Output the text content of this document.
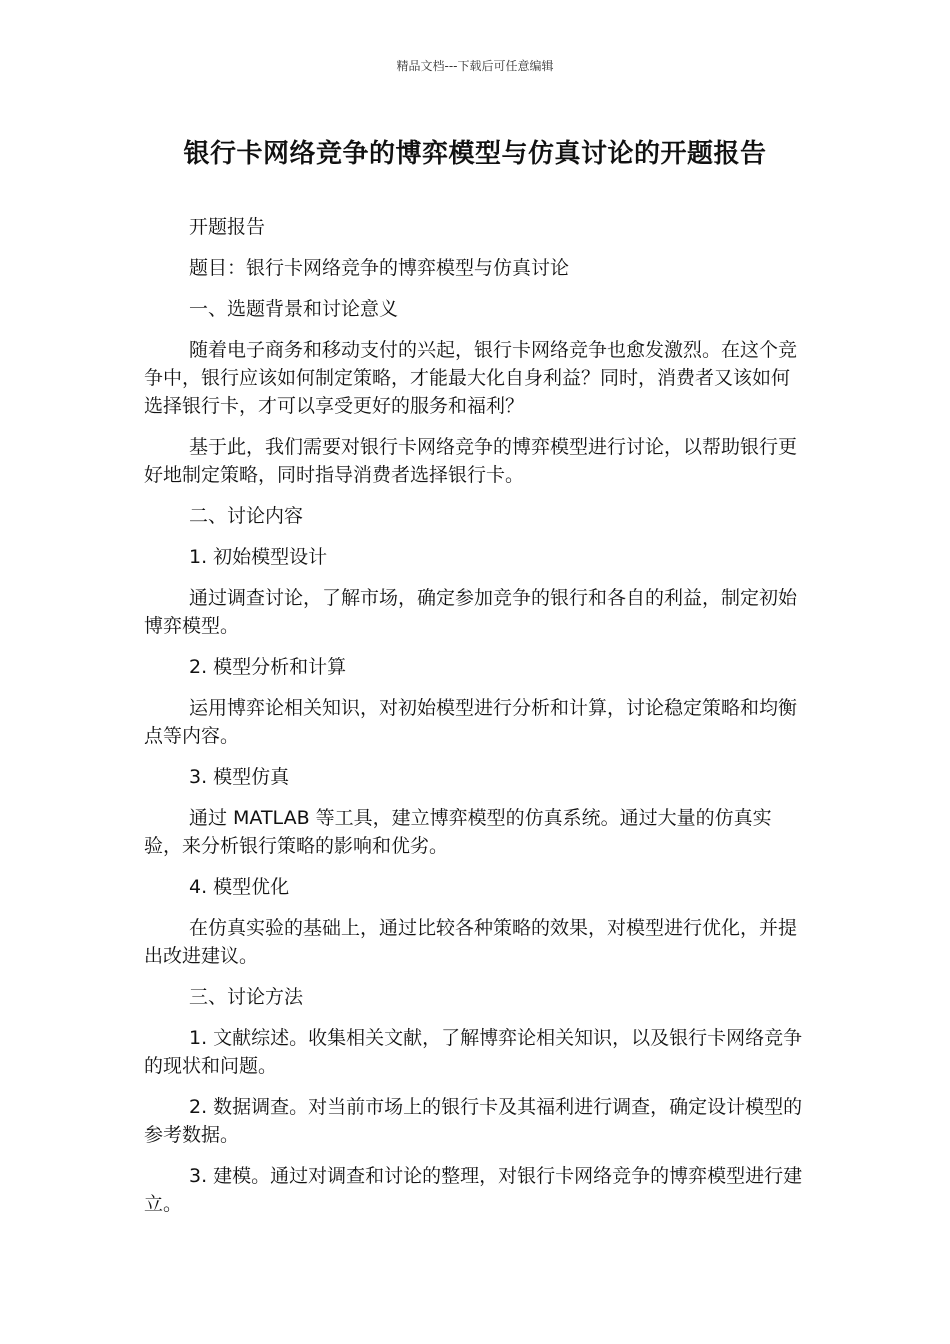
精品文档---下载后可任意编辑
银行卡网络竞争的博弈模型与仿真讨论的开题报告

开题报告

题目：银行卡网络竞争的博弈模型与仿真讨论

一、选题背景和讨论意义

随着电子商务和移动支付的兴起，银行卡网络竞争也愈发激烈。在这个竞争中，银行应该如何制定策略，才能最大化自身利益？同时，消费者又该如何选择银行卡，才可以享受更好的服务和福利？

基于此，我们需要对银行卡网络竞争的博弈模型进行讨论，以帮助银行更好地制定策略，同时指导消费者选择银行卡。

二、讨论内容

1. 初始模型设计

通过调查讨论，了解市场，确定参加竞争的银行和各自的利益，制定初始博弈模型。

2. 模型分析和计算

运用博弈论相关知识，对初始模型进行分析和计算，讨论稳定策略和均衡点等内容。

3. 模型仿真

通过 MATLAB 等工具，建立博弈模型的仿真系统。通过大量的仿真实验，来分析银行策略的影响和优劣。

4. 模型优化

在仿真实验的基础上，通过比较各种策略的效果，对模型进行优化，并提出改进建议。

三、讨论方法

1. 文献综述。收集相关文献，了解博弈论相关知识，以及银行卡网络竞争的现状和问题。

2. 数据调查。对当前市场上的银行卡及其福利进行调查，确定设计模型的参考数据。

3. 建模。通过对调查和讨论的整理，对银行卡网络竞争的博弈模型进行建立。
